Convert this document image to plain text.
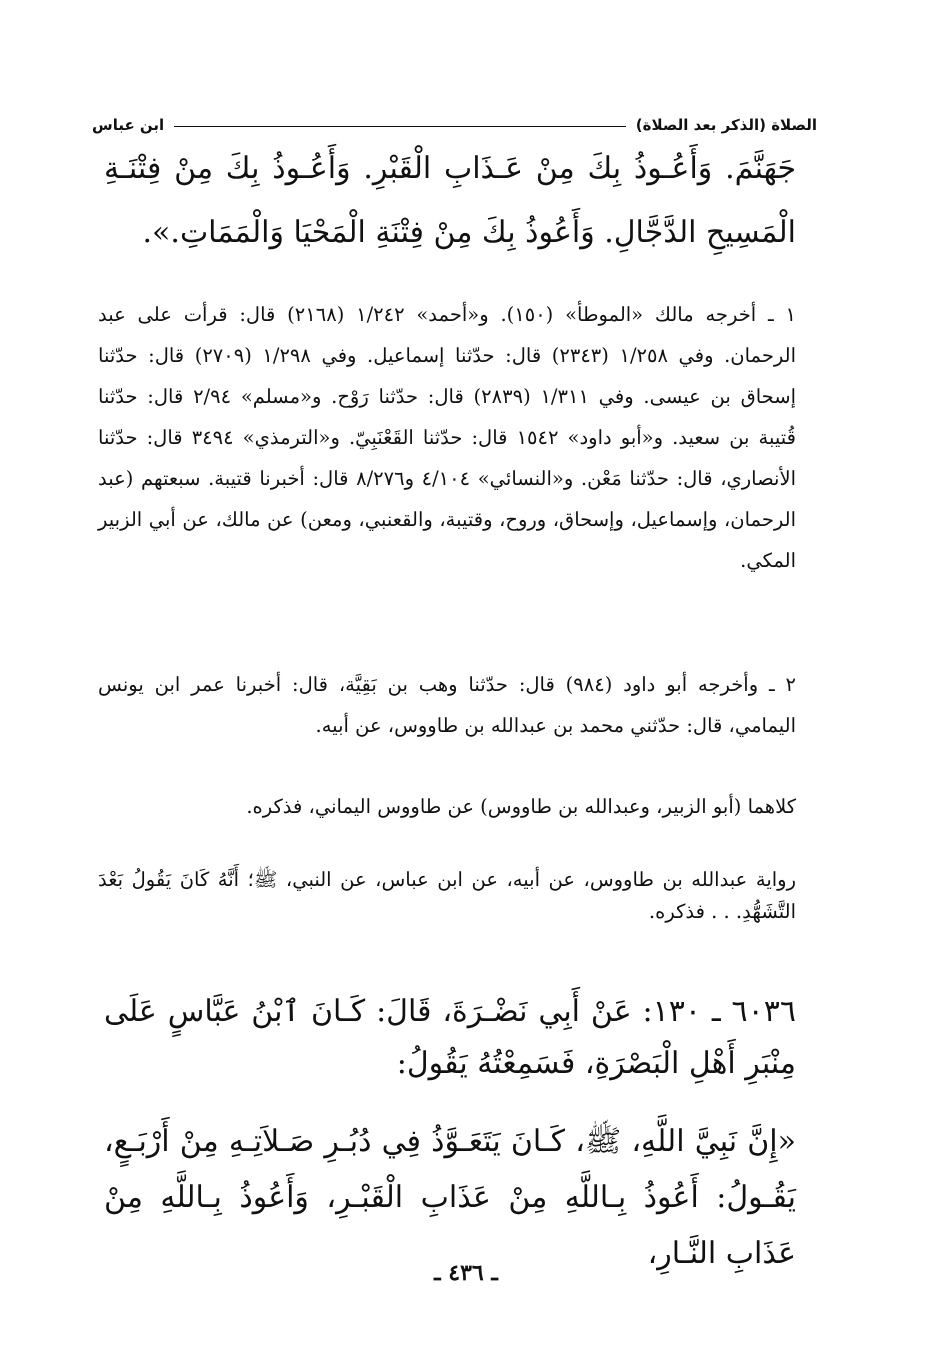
الصلاة (الذكر بعد الصلاة)
ابن عباس

جَهَنَّمَ. وَأَعُـوذُ بِكَ مِنْ عَـذَابِ الْقَبْرِ. وَأَعُـوذُ بِكَ مِنْ فِتْنَـةِ الْمَسِيحِ الدَّجَّالِ. وَأَعُوذُ بِكَ مِنْ فِتْنَةِ الْمَحْيَا وَالْمَمَاتِ.».

١ ـ أخرجه مالك «الموطأ» (١٥٠). و«أحمد» ١/٢٤٢ (٢١٦٨) قال: قرأت على عبد الرحمان. وفي ١/٢٥٨ (٢٣٤٣) قال: حدّثنا إسماعيل. وفي ١/٢٩٨ (٢٧٠٩) قال: حدّثنا إسحاق بن عيسى. وفي ١/٣١١ (٢٨٣٩) قال: حدّثنا رَوْح. و«مسلم» ٢/٩٤ قال: حدّثنا قُتيبة بن سعيد. و«أبو داود» ١٥٤٢ قال: حدّثنا القَعْنَبِيّ. و«الترمذي» ٣٤٩٤ قال: حدّثنا الأنصاري، قال: حدّثنا مَعْن. و«النسائي» ٤/١٠٤ و٨/٢٧٦ قال: أخبرنا قتيبة. سبعتهم (عبد الرحمان، وإسماعيل، وإسحاق، وروح، وقتيبة، والقعنبي، ومعن) عن مالك، عن أبي الزبير المكي.

٢ ـ وأخرجه أبو داود (٩٨٤) قال: حدّثنا وهب بن بَقِيَّة، قال: أخبرنا عمر ابن يونس اليمامي، قال: حدّثني محمد بن عبدالله بن طاووس، عن أبيه.

كلاهما (أبو الزبير، وعبدالله بن طاووس) عن طاووس اليماني، فذكره.

رواية عبدالله بن طاووس، عن أبيه، عن ابن عباس، عن النبي، ﷺ؛ أَنَّهُ كَانَ يَقُولُ بَعْدَ التَّشَهُّدِ. . . فذكره.

٦٠٣٦ ـ ١٣٠: عَنْ أَبِي نَضْـرَةَ، قَالَ: كَـانَ ٱبْنُ عَبَّاسٍ عَلَى مِنْبَرِ أَهْلِ الْبَصْرَةِ، فَسَمِعْتُهُ يَقُولُ:

«إِنَّ نَبِيَّ اللَّهِ، ﷺ، كَـانَ يَتَعَـوَّذُ فِي دُبُـرِ صَـلاَتِـهِ مِنْ أَرْبَـعٍ، يَقُـولُ: أَعُوذُ بِـاللَّهِ مِنْ عَذَابِ الْقَبْـرِ، وَأَعُوذُ بِـاللَّهِ مِنْ عَذَابِ النَّـارِ،

ـ ٤٣٦ ـ
